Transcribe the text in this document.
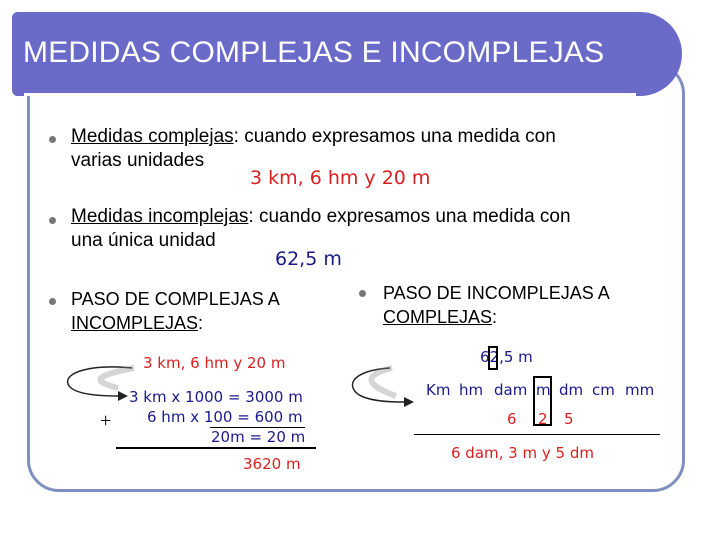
MEDIDAS COMPLEJAS E INCOMPLEJAS
Medidas complejas: cuando expresamos una medida con
varias unidades
3 km, 6 hm y 20 m
Medidas incomplejas: cuando expresamos una medida con
una única unidad
62,5 m
PASO DE COMPLEJAS A
INCOMPLEJAS:
PASO DE INCOMPLEJAS A
COMPLEJAS:
3 km, 6 hm y 20 m
3 km x 1000 = 3000 m
6 hm x 100 = 600 m
20m = 20 m
+
3620 m
62,5 m
Km hm dam m dm cm mm
6 2 5
6 dam, 3 m y 5 dm
